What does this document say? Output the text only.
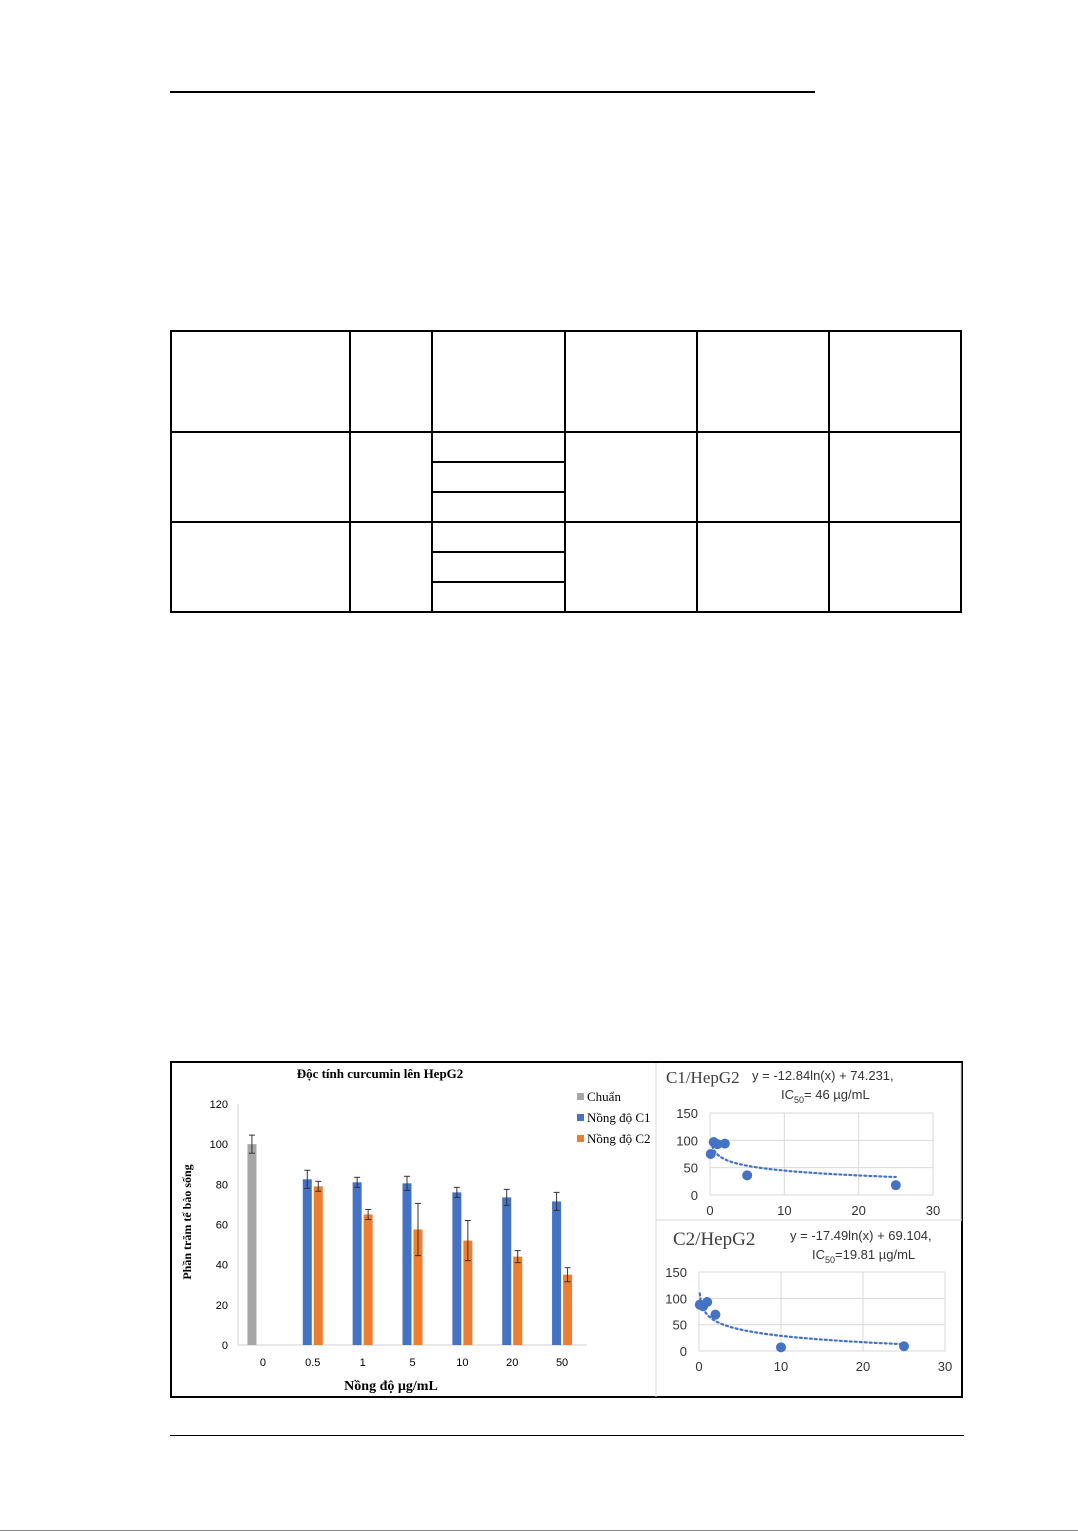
Độc tính curcumin lên HepG2
Nồng độ µg/mL
Phần trăm tế bào sống
0
20
40
60
80
100
120
0	0.5	1	5	10	20	50
Chuẩn
Nồng độ C1
Nồng độ C2
C1/HepG2 y = -12.84ln(x) + 74.231,
$IC_{50}= 46$ µg/mL
0
50
100
150
0	10	20	30
C2/HepG2	y = -17.49ln(x) + 69.104,
$IC_{50}=19.81$ µg/mL
0
50
100
150
0	10	20	30
